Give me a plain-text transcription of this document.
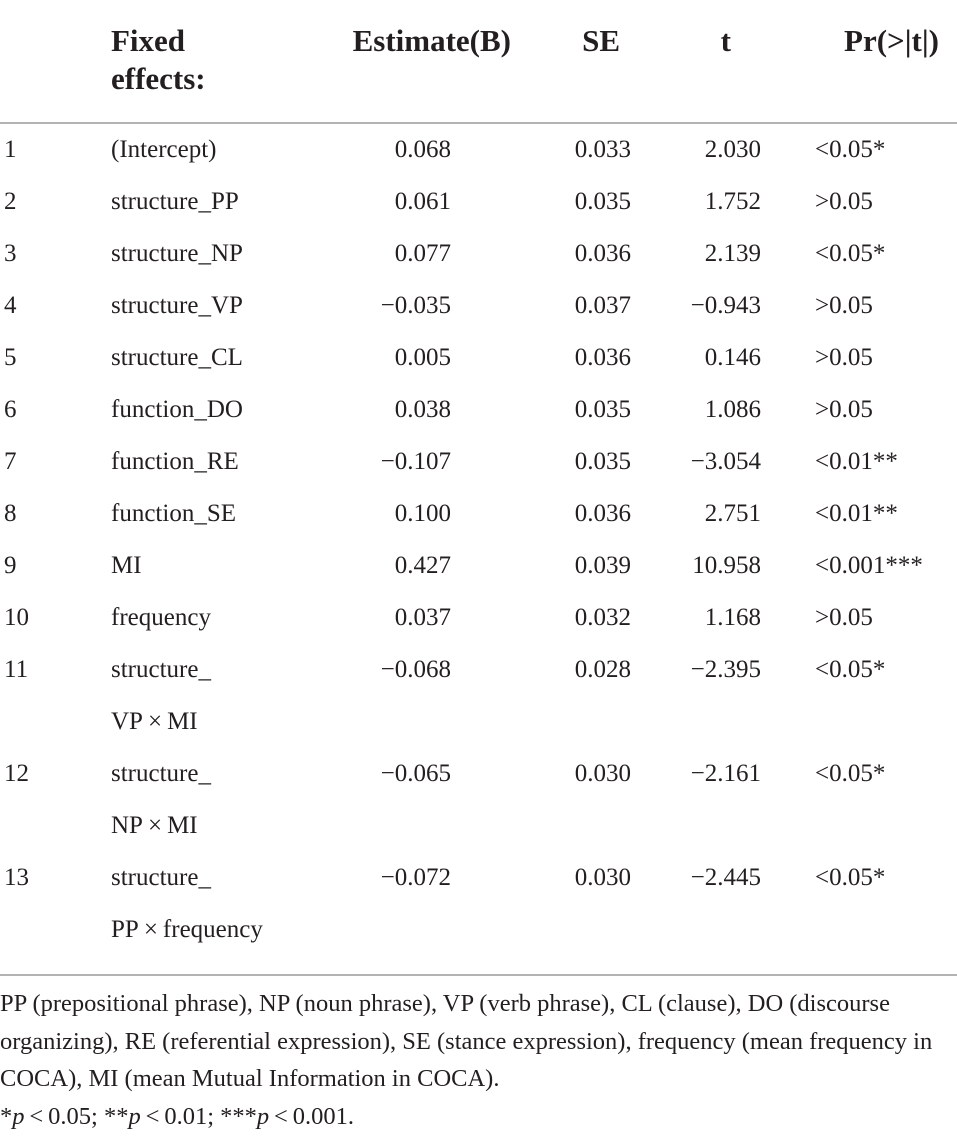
Fixed
effects:
Estimate(B) SE	t	Pr(>|t|)
1	(Intercept)	0.068	0.033	2.030 <0.05*
2	structure_PP	0.061	0.035	1.752 >0.05
3	structure_NP	0.077	0.036	2.139 <0.05*
4	structure_VP	−0.035	0.037 −0.943 >0.05
5	structure_CL	0.005	0.036	0.146 >0.05
6	function_DO	0.038	0.035	1.086 >0.05
7	function_RE	−0.107	0.035 −3.054 <0.01**
8	function_SE	0.100	0.036	2.751 <0.01**
9	MI	0.427	0.039 10.958 <0.001***
10	frequency	0.037	0.032	1.168 >0.05
11	structure_	−0.068	0.028 −2.395 <0.05*
VP × MI
12	structure_	−0.065	0.030 −2.161 <0.05*
NP × MI
13	structure_	−0.072	0.030 −2.445 <0.05*
PP × frequency

PP (prepositional phrase), NP (noun phrase), VP (verb phrase), CL (clause), DO (discourse organizing), RE (referential expression), SE (stance expression), frequency (mean frequency in COCA), MI (mean Mutual Information in COCA).

*p < 0.05; **p < 0.01; ***p < 0.001.
